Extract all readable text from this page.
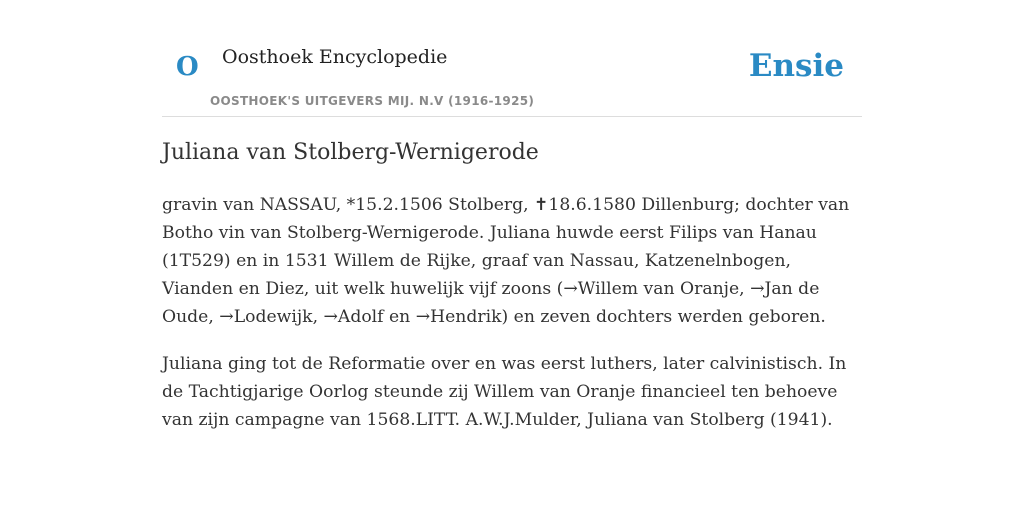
O Oosthoek Encyclopedie
OOSTHOEK'S UITGEVERS MIJ. N.V (1916-1925)
Ensie
Juliana van Stolberg-Wernigerode

gravin van NASSAU, *15.2.1506 Stolberg, ✝18.6.1580 Dillenburg; dochter van Botho vin van Stolberg-Wernigerode. Juliana huwde eerst Filips van Hanau (1T529) en in 1531 Willem de Rijke, graaf van Nassau, Katzenelnbogen, Vianden en Diez, uit welk huwelijk vijf zoons (→Willem van Oranje, →Jan de Oude, →Lodewijk, →Adolf en →Hendrik) en zeven dochters werden geboren.

Juliana ging tot de Reformatie over en was eerst luthers, later calvinistisch. In de Tachtigjarige Oorlog steunde zij Willem van Oranje financieel ten behoeve van zijn campagne van 1568.LITT. A.W.J.Mulder, Juliana van Stolberg (1941).
